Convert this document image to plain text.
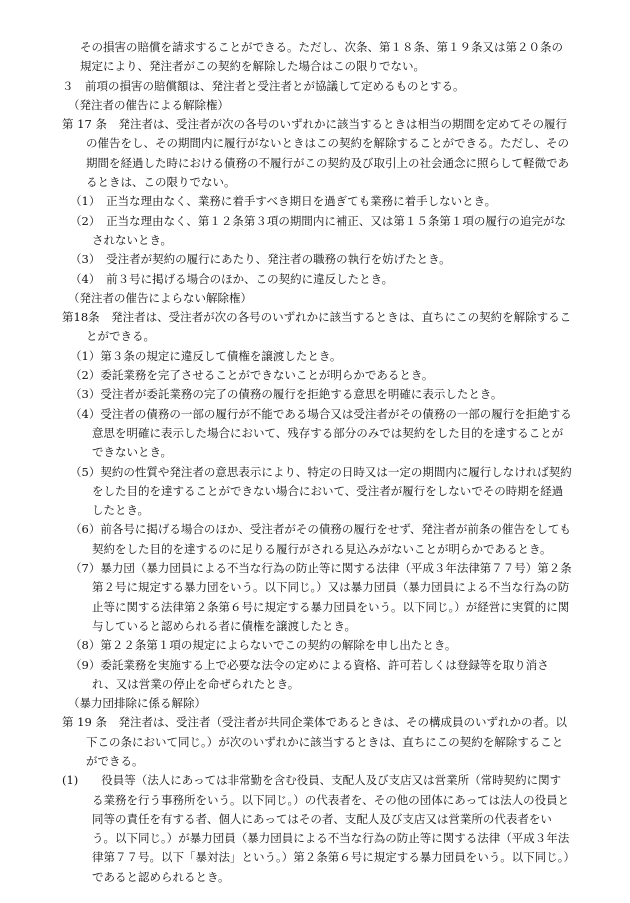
その損害の賠償を請求することができる。ただし、次条、第１８条、第１９条又は第２０条の規定により、発注者がこの契約を解除した場合はこの限りでない。

３　前項の損害の賠償額は、発注者と受注者とが協議して定めるものとする。

（発注者の催告による解除権）

第 17 条　発注者は、受注者が次の各号のいずれかに該当するときは相当の期間を定めてその履行の催告をし、その期間内に履行がないときはこの契約を解除することができる。ただし、その期間を経過した時における債務の不履行がこの契約及び取引上の社会通念に照らして軽微であるときは、この限りでない。

（1）　正当な理由なく、業務に着手すべき期日を過ぎても業務に着手しないとき。

（2）　正当な理由なく、第１２条第３項の期間内に補正、又は第１５条第１項の履行の追完がなされないとき。

（3）　受注者が契約の履行にあたり、発注者の職務の執行を妨げたとき。

（4）　前３号に掲げる場合のほか、この契約に違反したとき。

（発注者の催告によらない解除権）

第18条　発注者は、受注者が次の各号のいずれかに該当するときは、直ちにこの契約を解除することができる。

（1）第３条の規定に違反して債権を譲渡したとき。

（2）委託業務を完了させることができないことが明らかであるとき。

（3）受注者が委託業務の完了の債務の履行を拒絶する意思を明確に表示したとき。

（4）受注者の債務の一部の履行が不能である場合又は受注者がその債務の一部の履行を拒絶する意思を明確に表示した場合において、残存する部分のみでは契約をした目的を達することができないとき。

（5）契約の性質や発注者の意思表示により、特定の日時又は一定の期間内に履行しなければ契約をした目的を達することができない場合において、受注者が履行をしないでその時期を経過したとき。

（6）前各号に掲げる場合のほか、受注者がその債務の履行をせず、発注者が前条の催告をしても契約をした目的を達するのに足りる履行がされる見込みがないことが明らかであるとき。

（7）暴力団（暴力団員による不当な行為の防止等に関する法律（平成３年法律第７７号）第２条第２号に規定する暴力団をいう。以下同じ。）又は暴力団員（暴力団員による不当な行為の防止等に関する法律第２条第６号に規定する暴力団員をいう。以下同じ。）が経営に実質的に関与していると認められる者に債権を譲渡したとき。

（8）第２２条第１項の規定によらないでこの契約の解除を申し出たとき。

（9）委託業務を実施する上で必要な法令の定めによる資格、許可若しくは登録等を取り消され、又は営業の停止を命ぜられたとき。

（暴力団排除に係る解除）

第 19 条　発注者は、受注者（受注者が共同企業体であるときは、その構成員のいずれかの者。以下この条において同じ。）が次のいずれかに該当するときは、直ちにこの契約を解除することができる。

(1)　　役員等（法人にあっては非常勤を含む役員、支配人及び支店又は営業所（常時契約に関する業務を行う事務所をいう。以下同じ。）の代表者を、その他の団体にあっては法人の役員と同等の責任を有する者、個人にあってはその者、支配人及び支店又は営業所の代表者をいう。以下同じ。）が暴力団員（暴力団員による不当な行為の防止等に関する法律（平成３年法律第７７号。以下「暴対法」という。）第２条第６号に規定する暴力団員をいう。以下同じ。）であると認められるとき。
